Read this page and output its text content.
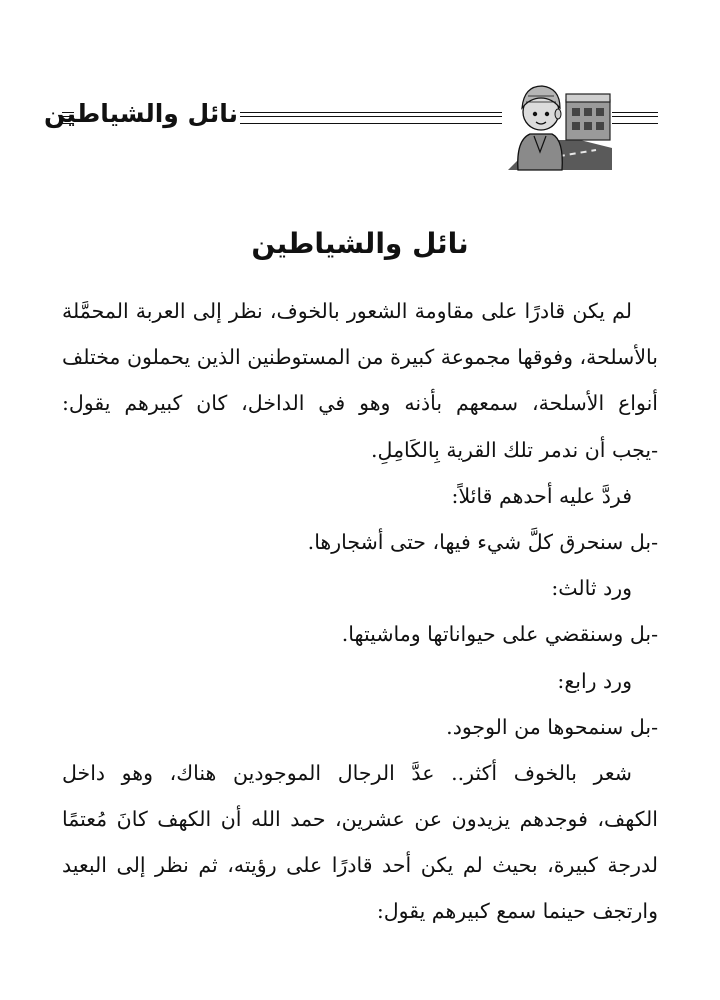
نائل والشياطين
نائل والشياطين
لم يكن قادرًا على مقاومة الشعور بالخوف، نظر إلى العربة المحمَّلة
بالأسلحة، وفوقها مجموعة كبيرة من المستوطنين الذين يحملون مختلف
أنواع الأسلحة، سمعهم بأذنه وهو في الداخل، كان كبيرهم يقول:
-يجب أن ندمر تلك القرية بِالكَامِلِ.
فردَّ عليه أحدهم قائلاً:
-بل سنحرق كلَّ شيء فيها، حتى أشجارها.
ورد ثالث:
-بل وسنقضي على حيواناتها وماشيتها.
ورد رابع:
-بل سنمحوها من الوجود.
شعر بالخوف أكثر.. عدَّ الرجال الموجودين هناك، وهو داخل
الكهف، فوجدهم يزيدون عن عشرين، حمد الله أن الكهف كانَ مُعتمًا
لدرجة كبيرة، بحيث لم يكن أحد قادرًا على رؤيته، ثم نظر إلى البعيد
وارتجف حينما سمع كبيرهم يقول:
